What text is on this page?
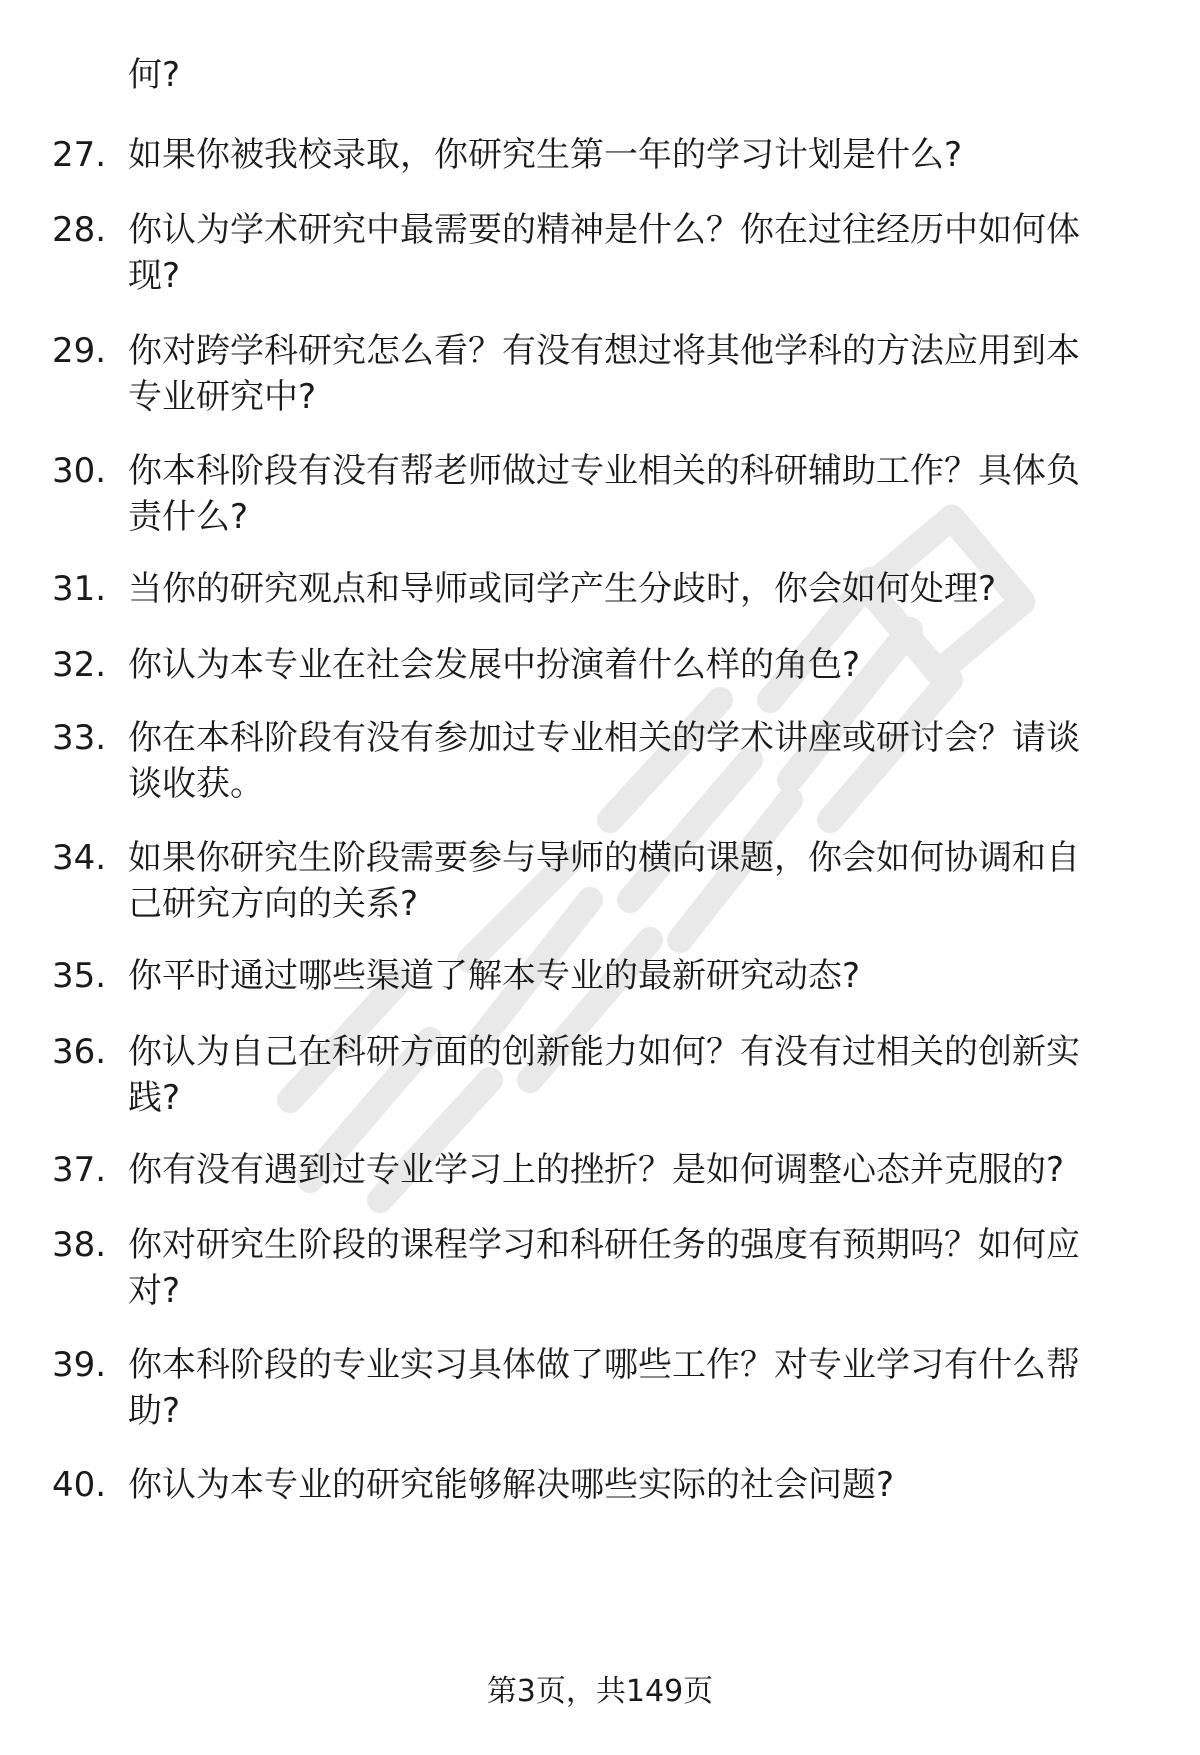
何?
27. 如果你被我校录取，你研究生第一年的学习计划是什么?
28. 你认为学术研究中最需要的精神是什么？你在过往经历中如何体
现?
29. 你对跨学科研究怎么看？有没有想过将其他学科的方法应用到本
专业研究中?
30. 你本科阶段有没有帮老师做过专业相关的科研辅助工作？具体负
责什么?
31. 当你的研究观点和导师或同学产生分歧时，你会如何处理?
32. 你认为本专业在社会发展中扮演着什么样的角色?
33. 你在本科阶段有没有参加过专业相关的学术讲座或研讨会？请谈
谈收获。
34. 如果你研究生阶段需要参与导师的横向课题，你会如何协调和自
己研究方向的关系?
35. 你平时通过哪些渠道了解本专业的最新研究动态?
36. 你认为自己在科研方面的创新能力如何？有没有过相关的创新实
践?
37. 你有没有遇到过专业学习上的挫折？是如何调整心态并克服的?
38. 你对研究生阶段的课程学习和科研任务的强度有预期吗？如何应
对?
39. 你本科阶段的专业实习具体做了哪些工作？对专业学习有什么帮
助?
40. 你认为本专业的研究能够解决哪些实际的社会问题?
第3页，共149页
